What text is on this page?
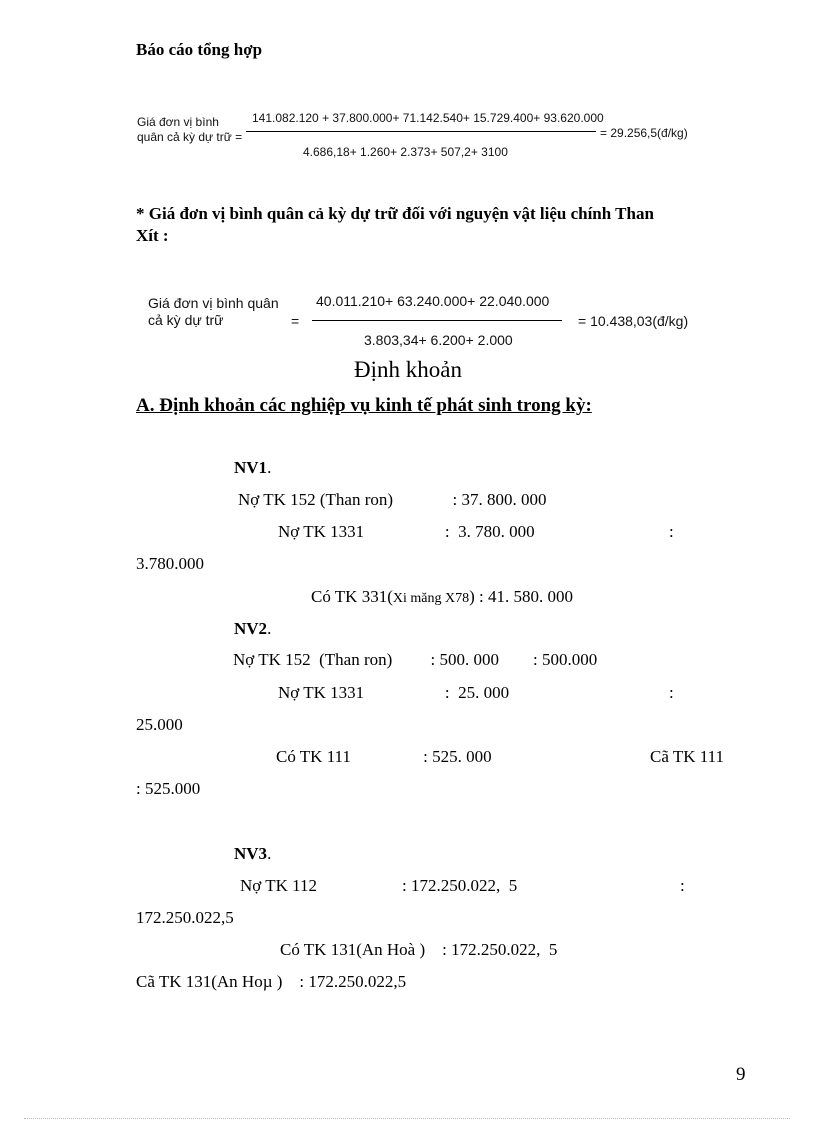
Báo cáo tổng hợp
Giá đơn vị bình
quân cả kỳ dự trữ =
141.082.120 + 37.800.000+ 71.142.540+ 15.729.400+ 93.620.000
4.686,18+ 1.260+ 2.373+ 507,2+ 3100
= 29.256,5(đ/kg)
* Giá đơn vị bình quân cả kỳ dự trữ đối với nguyện vật liệu chính Than
Xít :
Giá đơn vị bình quân
cả kỳ dự trữ	=
40.011.210+ 63.240.000+ 22.040.000
3.803,34+ 6.200+ 2.000
= 10.438,03(đ/kg)
Định khoản
A. Định khoản các nghiệp vụ kinh tế phát sinh trong kỳ:
NV1.
Nợ TK 152 (Than ron)              : 37. 800. 000
Nợ TK 1331                   :  3. 780. 000	:
3.780.000
Có TK 331(Xi măng X78) : 41. 580. 000
NV2.
Nợ TK 152  (Than ron)         : 500. 000        : 500.000
Nợ TK 1331                   :  25. 000	:
25.000
Có TK 111                 : 525. 000	Cã TK 111
: 525.000
NV3.
Nợ TK 112                    : 172.250.022,  5	:
172.250.022,5
Có TK 131(An Hoà )    : 172.250.022,  5
Cã TK 131(An Hoµ )    : 172.250.022,5
9
